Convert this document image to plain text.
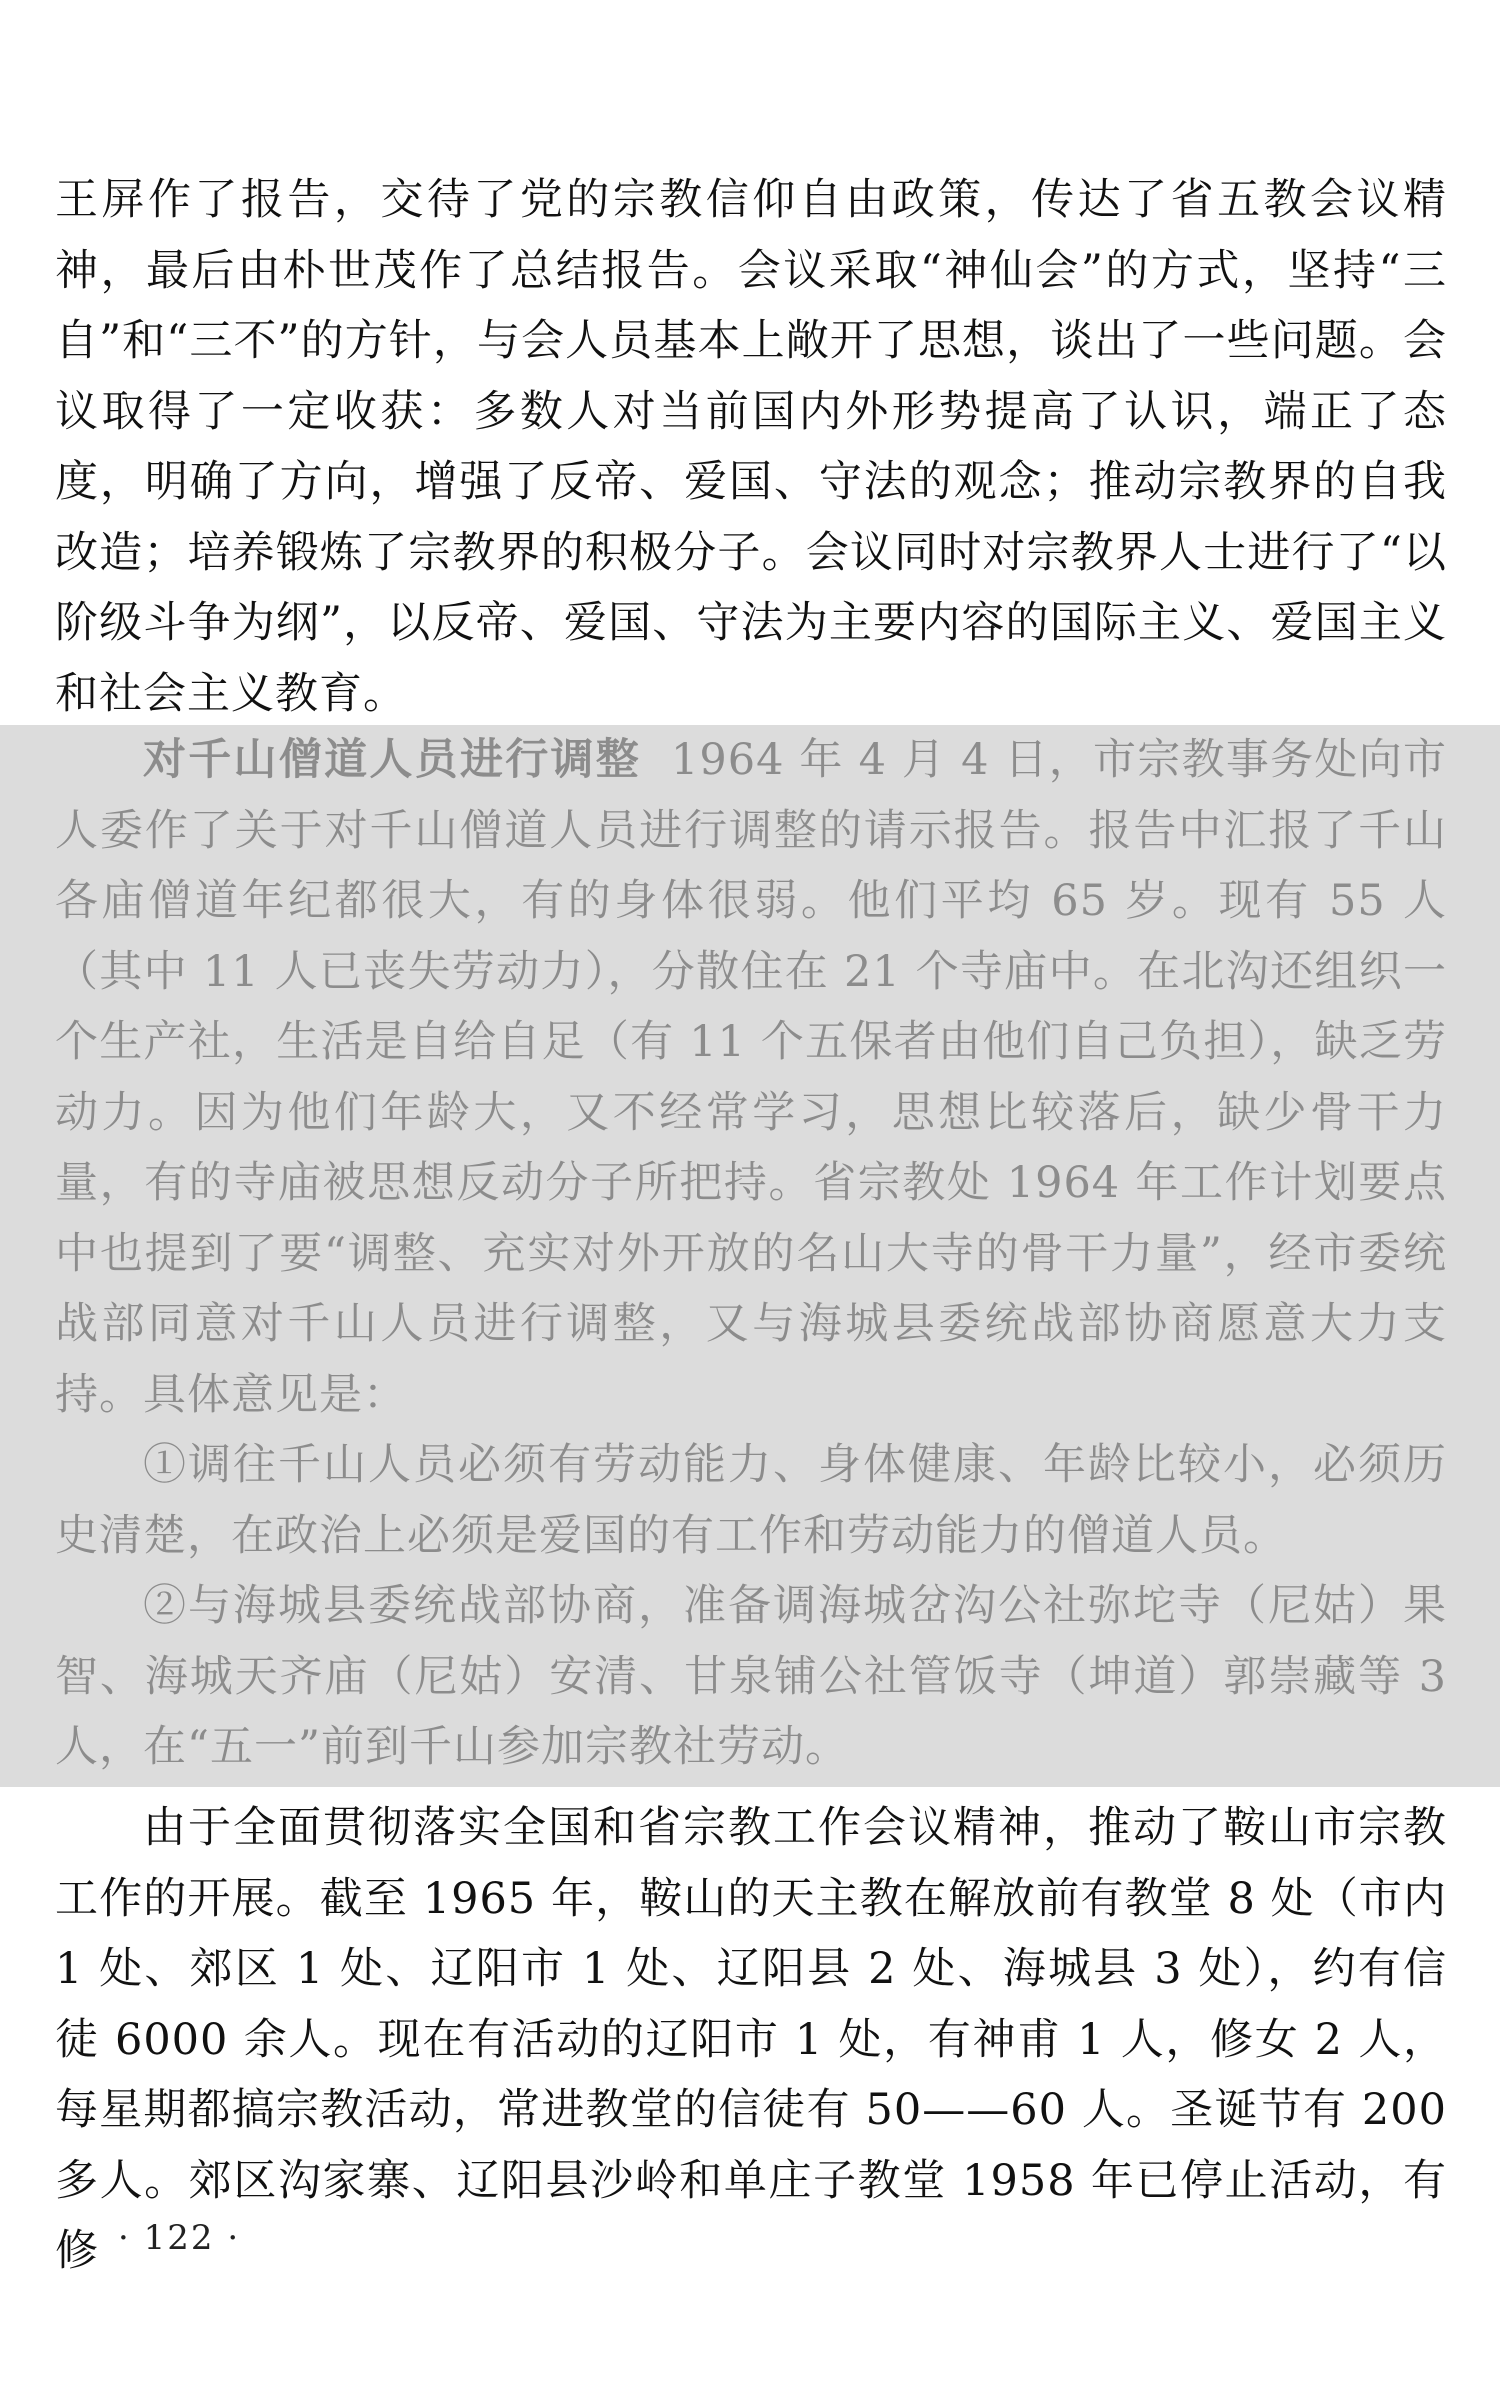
王屏作了报告，交待了党的宗教信仰自由政策，传达了省五教会议精神，最后由朴世茂作了总结报告。会议采取“神仙会”的方式，坚持“三自”和“三不”的方针，与会人员基本上敞开了思想，谈出了一些问题。会议取得了一定收获：多数人对当前国内外形势提高了认识，端正了态度，明确了方向，增强了反帝、爱国、守法的观念；推动宗教界的自我改造；培养锻炼了宗教界的积极分子。会议同时对宗教界人士进行了“以阶级斗争为纲”，以反帝、爱国、守法为主要内容的国际主义、爱国主义和社会主义教育。

对千山僧道人员进行调整 1964 年 4 月 4 日，市宗教事务处向市人委作了关于对千山僧道人员进行调整的请示报告。报告中汇报了千山各庙僧道年纪都很大，有的身体很弱。他们平均 65 岁。现有 55 人（其中 11 人已丧失劳动力），分散住在 21 个寺庙中。在北沟还组织一个生产社，生活是自给自足（有 11 个五保者由他们自己负担），缺乏劳动力。因为他们年龄大，又不经常学习，思想比较落后，缺少骨干力量，有的寺庙被思想反动分子所把持。省宗教处 1964 年工作计划要点中也提到了要“调整、充实对外开放的名山大寺的骨干力量”，经市委统战部同意对千山人员进行调整，又与海城县委统战部协商愿意大力支持。具体意见是：

①调往千山人员必须有劳动能力、身体健康、年龄比较小，必须历史清楚，在政治上必须是爱国的有工作和劳动能力的僧道人员。

②与海城县委统战部协商，准备调海城岔沟公社弥坨寺（尼姑）果智、海城天齐庙（尼姑）安清、甘泉铺公社管饭寺（坤道）郭崇藏等 3 人，在“五一”前到千山参加宗教社劳动。

由于全面贯彻落实全国和省宗教工作会议精神，推动了鞍山市宗教工作的开展。截至 1965 年，鞍山的天主教在解放前有教堂 8 处（市内 1 处、郊区 1 处、辽阳市 1 处、辽阳县 2 处、海城县 3 处），约有信徒 6000 余人。现在有活动的辽阳市 1 处，有神甫 1 人，修女 2 人，每星期都搞宗教活动，常进教堂的信徒有 50——60 人。圣诞节有 200 多人。郊区沟家寨、辽阳县沙岭和单庄子教堂 1958 年已停止活动，有修 · 122 ·
